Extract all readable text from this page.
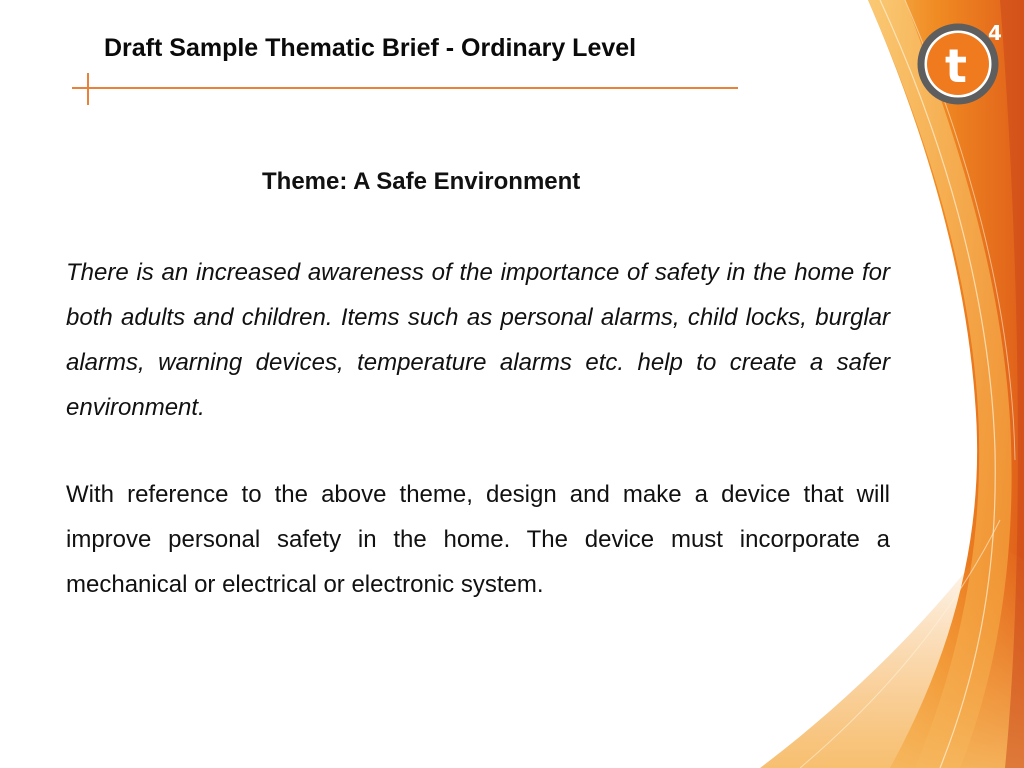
t
4
Draft Sample Thematic Brief - Ordinary Level
Theme: A Safe Environment

There is an increased awareness of the importance of safety in the home for both adults and children. Items such as personal alarms, child locks, burglar alarms, warning devices, temperature alarms etc. help to create a safer environment.

With reference to the above theme, design and make a device that will improve personal safety in the home. The device must incorporate a mechanical or electrical or electronic system.
